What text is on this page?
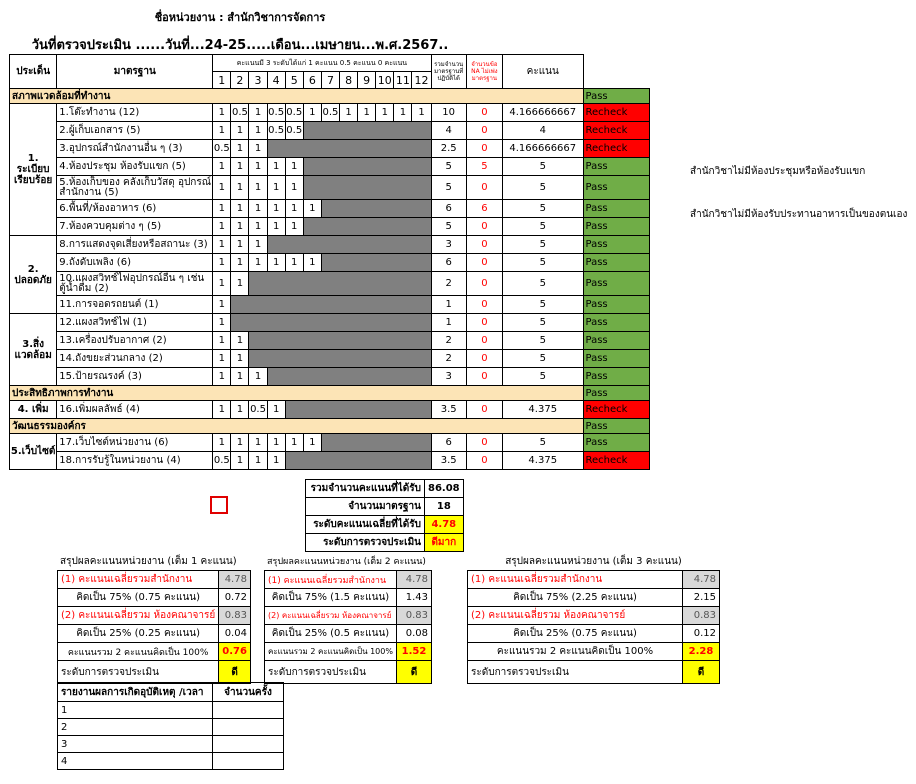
ชื่อหน่วยงาน : สำนักวิชาการจัดการ
วันที่ตรวจประเมิน ......วันที่...24-25.....เดือน...เมษายน...พ.ศ.2567..
ประเด็น	มาตรฐาน	คะแนนมี 3 ระดับได้แก่ 1 คะแนน 0.5 คะแนน 0 คะแนน												รวมจำนวนมาตรฐานที่ปฏิบัติได้	จำนวนข้อ NA ไม่เพ่งมาตรฐาน	คะแนน	
		1	2	3	4	5	6	7	8	9	10	11	12				
สภาพแวดล้อมที่ทำงาน																	Pass
1. ระเบียบเรียบร้อย	1.โต๊ะทำงาน (12)	1	0.5	1	0.5	0.5	1	0.5	1	1	1	1	1	10	0	4.166666667	Recheck
	2.ผู้เก็บเอกสาร (5)	1	1	1	0.5	0.5								4	0	4	Recheck
	3.อุปกรณ์สำนักงานอื่น ๆ (3)	0.5	1	1										2.5	0	4.166666667	Recheck
	4.ห้องประชุม ห้องรับแขก (5)	1	1	1	1	1								5	5	5	Pass
	5.ห้องเก็บของ คลังเก็บวัสดุ อุปกรณ์สำนักงาน (5)	1	1	1	1	1								5	0	5	Pass
	6.พื้นที่/ห้องอาหาร (6)	1	1	1	1	1	1							6	6	5	Pass
	7.ห้องควบคุมต่าง ๆ (5)	1	1	1	1	1								5	0	5	Pass
2. ปลอดภัย	8.การแสดงจุดเสี่ยงหรือสถานะ (3)	1	1	1										3	0	5	Pass
	9.ถังดับเพลิง (6)	1	1	1	1	1	1							6	0	5	Pass
	10.แผงสวิทช์ไฟอุปกรณ์อื่น ๆ เช่น ตู้น้ำดื่ม (2)	1	1											2	0	5	Pass
	11.การจอดรถยนต์ (1)	1												1	0	5	Pass
3.สิ่งแวดล้อม	12.แผงสวิทช์ไฟ (1)	1												1	0	5	Pass
	13.เครื่องปรับอากาศ (2)	1	1											2	0	5	Pass
	14.ถังขยะส่วนกลาง (2)	1	1											2	0	5	Pass
	15.ป้ายรณรงค์ (3)	1	1	1										3	0	5	Pass
ประสิทธิภาพการทำงาน																	Pass
4. เพิ่ม	16.เพิ่มผลลัพธ์ (4)	1	1	0.5	1									3.5	0	4.375	Recheck
วัฒนธรรมองค์กร																	Pass
5.เว็บไซต์	17.เว็บไซต์หน่วยงาน (6)	1	1	1	1	1	1							6	0	5	Pass
	18.การรับรู้ในหน่วยงาน (4)	0.5	1	1	1									3.5	0	4.375	Recheck
สำนักวิชาไม่มีห้องประชุมหรือห้องรับแขก
สำนักวิชาไม่มีห้องรับประทานอาหารเป็นของตนเอง
รวมจำนวนคะแนนที่ได้รับ	86.08
จำนวนมาตรฐาน	18
ระดับคะแนนเฉลี่ยที่ได้รับ	4.78
ระดับการตรวจประเมิน	ดีมาก
สรุปผลคะแนนหน่วยงาน (เต็ม 1 คะแนน)
(1) คะแนนเฉลี่ยรวมสำนักงาน	4.78
คิดเป็น 75% (0.75 คะแนน)	0.72
(2) คะแนนเฉลี่ยรวม ห้องคณาจารย์	0.83
คิดเป็น 25% (0.25 คะแนน)	0.04
คะแนนรวม 2 คะแนนคิดเป็น 100%	0.76
ระดับการตรวจประเมิน	ดี
สรุปผลคะแนนหน่วยงาน (เต็ม 2 คะแนน)
(1) คะแนนเฉลี่ยรวมสำนักงาน	4.78
คิดเป็น 75% (1.5 คะแนน)	1.43
(2) คะแนนเฉลี่ยรวม ห้องคณาจารย์	0.83
คิดเป็น 25% (0.5 คะแนน)	0.08
คะแนนรวม 2 คะแนนคิดเป็น 100%	1.52
ระดับการตรวจประเมิน	ดี
สรุปผลคะแนนหน่วยงาน (เต็ม 3 คะแนน)
(1) คะแนนเฉลี่ยรวมสำนักงาน	4.78
คิดเป็น 75% (2.25 คะแนน)	2.15
(2) คะแนนเฉลี่ยรวม ห้องคณาจารย์	0.83
คิดเป็น 25% (0.75 คะแนน)	0.12
คะแนนรวม 2 คะแนนคิดเป็น 100%	2.28
ระดับการตรวจประเมิน	ดี
รายงานผลการเกิดอุบัติเหตุ /เวลา	จำนวนครั้ง
1	
2	
3	
4	
